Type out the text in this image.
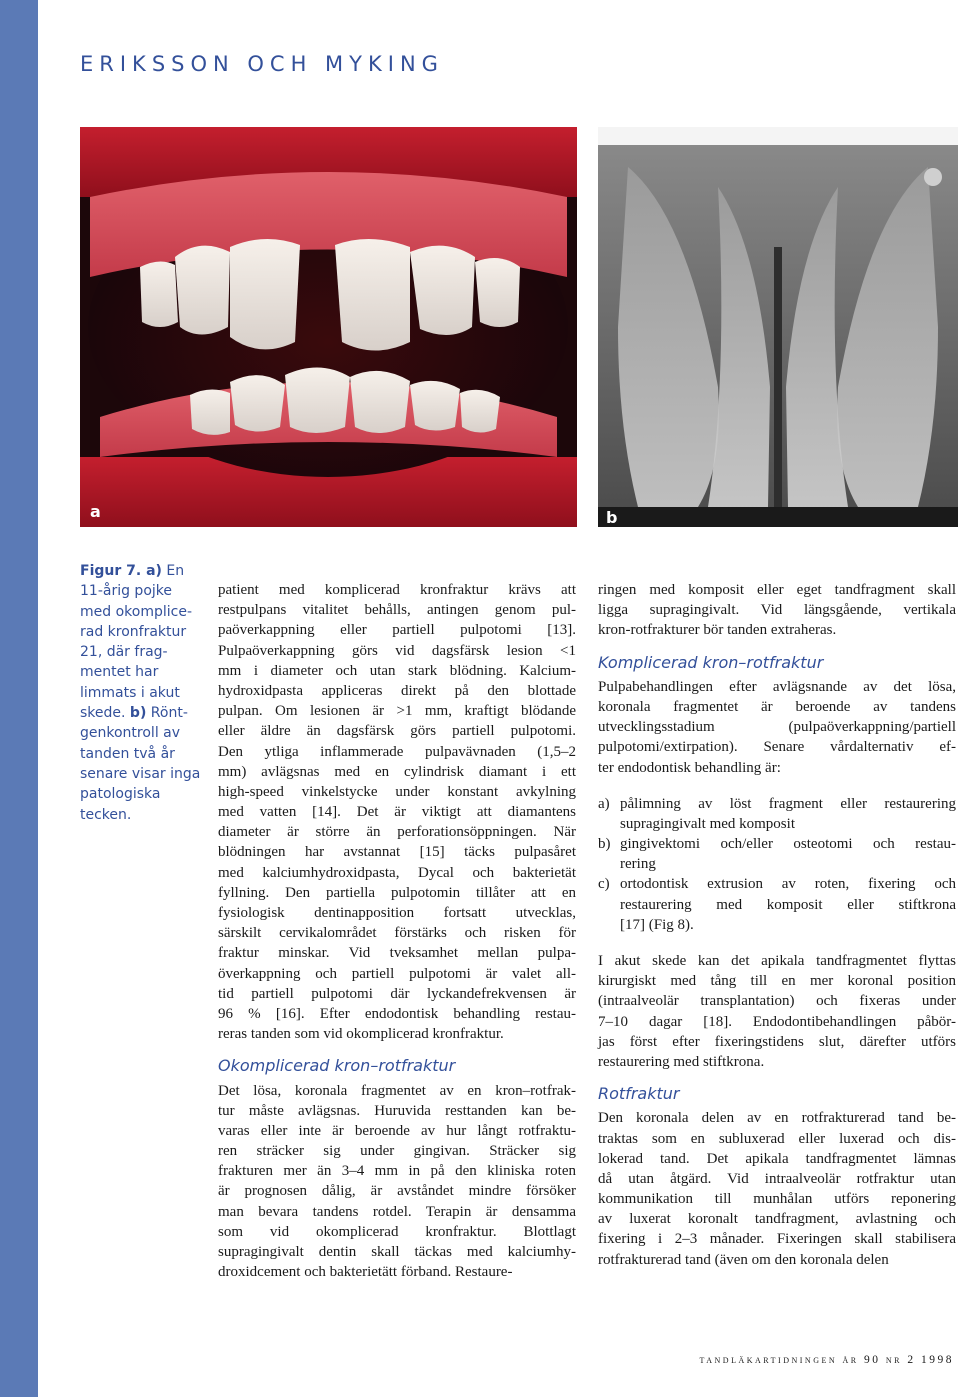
ERIKSSON OCH MYKING
a	b
Figur 7. a) En
11-årig pojke
med okomplice-
rad kronfraktur
21, där frag-
mentet har
limmats i akut
skede. b) Rönt-
genkontroll av
tanden två år
senare visar inga
patologiska
tecken.
patient med komplicerad kronfraktur krävs att
restpulpans vitalitet behålls, antingen genom pul-
paöverkappning eller partiell pulpotomi [13].
Pulpaöverkappning görs vid dagsfärsk lesion <1
mm i diameter och utan stark blödning. Kalcium-
hydroxidpasta appliceras direkt på den blottade
pulpan. Om lesionen är >1 mm, kraftigt blödande
eller äldre än dagsfärsk görs partiell pulpotomi.
Den ytliga inflammerade pulpavävnaden (1,5–2
mm) avlägsnas med en cylindrisk diamant i ett
high-speed vinkelstycke under konstant avkylning
med vatten [14]. Det är viktigt att diamantens
diameter är större än perforationsöppningen. När
blödningen har avstannat [15] täcks pulpasåret
med kalciumhydroxidpasta, Dycal och bakterietät
fyllning. Den partiella pulpotomin tillåter att en
fysiologisk dentinapposition fortsatt utvecklas,
särskilt cervikalområdet förstärks och risken för
fraktur minskar. Vid tveksamhet mellan pulpa-
överkappning och partiell pulpotomi är valet all-
tid partiell pulpotomi där lyckandefrekvensen är
96 % [16]. Efter endodontisk behandling restau-
reras tanden som vid okomplicerad kronfraktur.
Okomplicerad kron–rotfraktur
Det lösa, koronala fragmentet av en kron–rotfrak-
tur måste avlägsnas. Huruvida resttanden kan be-
varas eller inte är beroende av hur långt rotfraktu-
ren sträcker sig under gingivan. Sträcker sig
frakturen mer än 3–4 mm in på den kliniska roten
är prognosen dålig, är avståndet mindre försöker
man bevara tandens rotdel. Terapin är densamma
som vid okomplicerad kronfraktur. Blottlagt
supragingivalt dentin skall täckas med kalciumhy-
droxidcement och bakterietätt förband. Restaure-
ringen med komposit eller eget tandfragment skall
ligga supragingivalt. Vid längsgående, vertikala
kron-rotfrakturer bör tanden extraheras.
Komplicerad kron–rotfraktur
Pulpabehandlingen efter avlägsnande av det lösa,
koronala fragmentet är beroende av tandens
utvecklingsstadium (pulpaöverkappning/partiell
pulpotomi/extirpation). Senare vårdalternativ ef-
ter endodontisk behandling är:
a) pålimning av löst fragment eller restaurering
supragingivalt med komposit
b) gingivektomi och/eller osteotomi och restau-
rering
c) ortodontisk extrusion av roten, fixering och
restaurering med komposit eller stiftkrona
[17] (Fig 8).
I akut skede kan det apikala tandfragmentet flyttas
kirurgiskt med tång till en mer koronal position
(intraalveolär transplantation) och fixeras under
7–10 dagar [18]. Endodontibehandlingen påbör-
jas först efter fixeringstidens slut, därefter utförs
restaurering med stiftkrona.
Rotfraktur
Den koronala delen av en rotfrakturerad tand be-
traktas som en subluxerad eller luxerad och dis-
lokerad tand. Det apikala tandfragmentet lämnas
då utan åtgärd. Vid intraalveolär rotfraktur utan
kommunikation till munhålan utförs reponering
av luxerat koronalt tandfragment, avlastning och
fixering i 2–3 månader. Fixeringen skall stabilisera
rotfrakturerad tand (även om den koronala delen
tandläkartidningen år 90 nr 2 1998
